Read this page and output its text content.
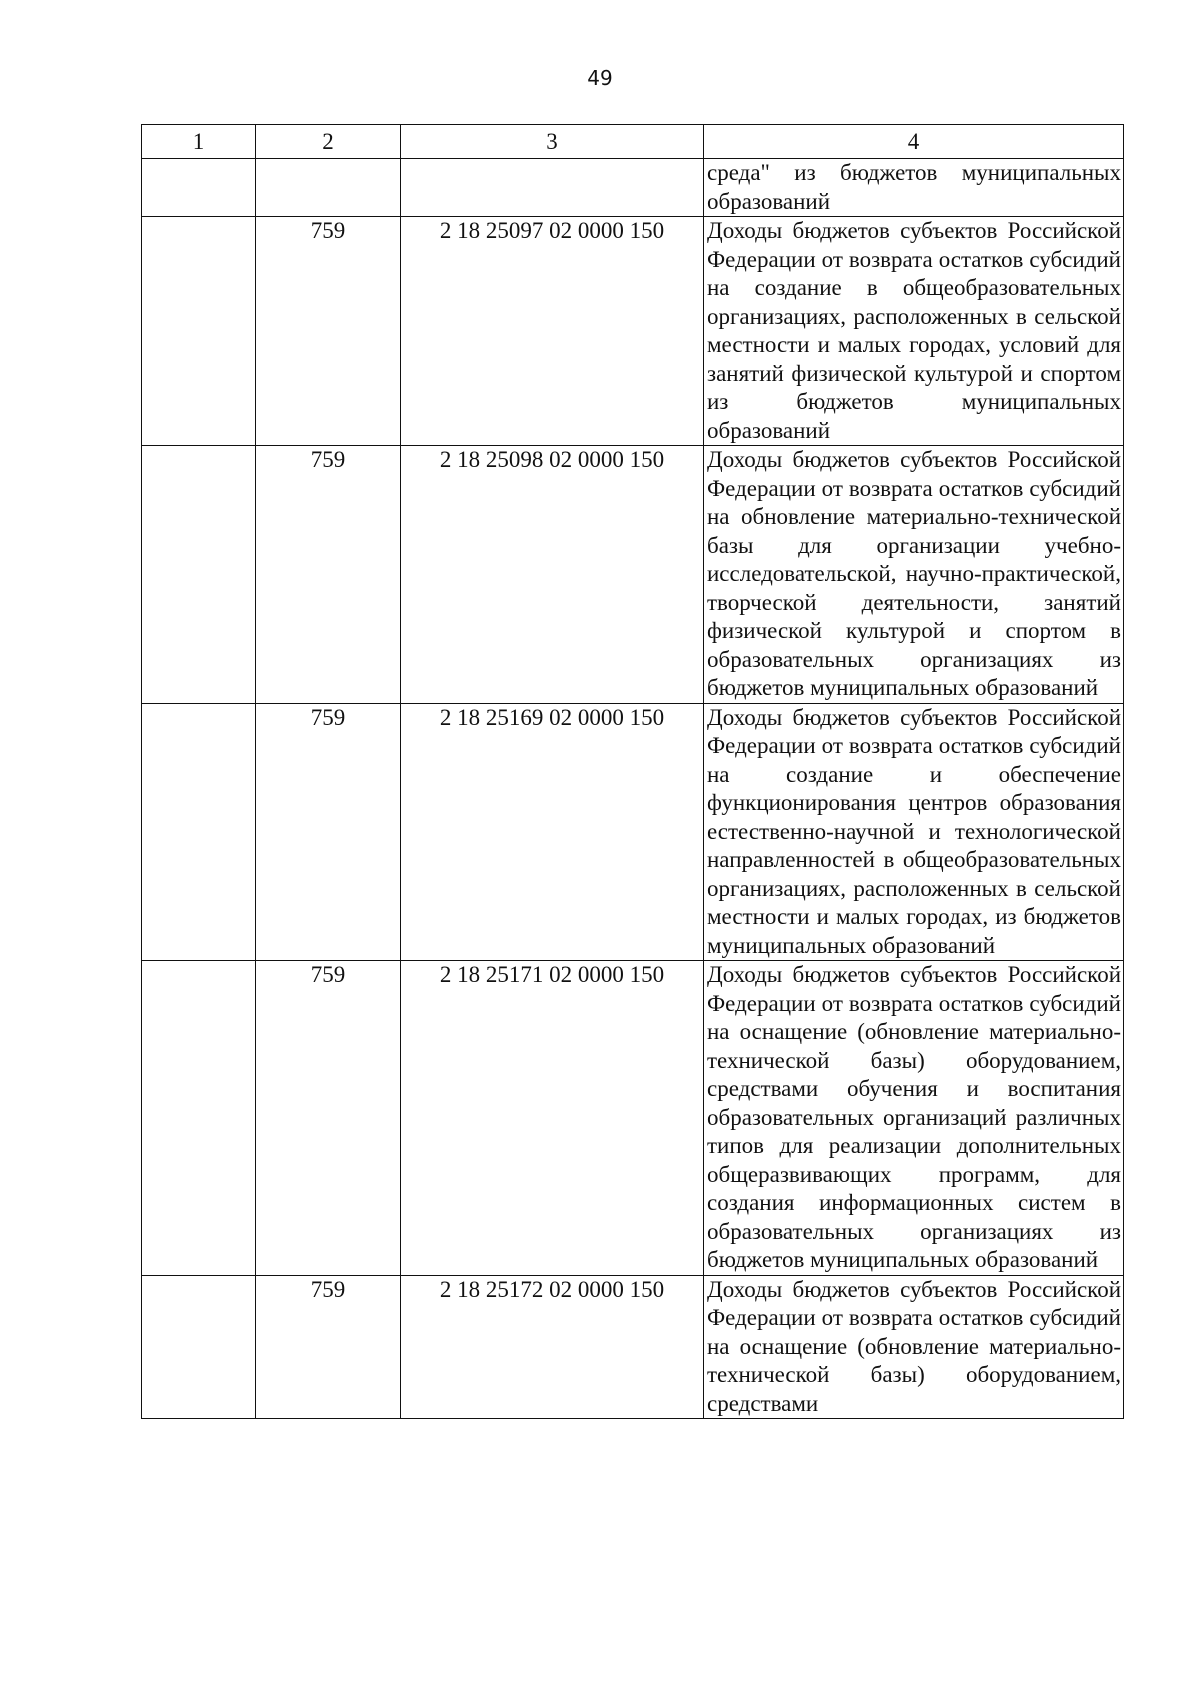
49
1	2	3	4
			среда" из бюджетов муниципальных образований
	759	2 18 25097 02 0000 150	Доходы бюджетов субъектов Российской Федерации от возврата остатков субсидий на создание в общеобразовательных организациях, расположенных в сельской местности и малых городах, условий для занятий физической культурой и спортом из бюджетов муниципальных образований
	759	2 18 25098 02 0000 150	Доходы бюджетов субъектов Российской Федерации от возврата остатков субсидий на обновление материально-технической базы для организации учебно-исследовательской, научно-практической, творческой деятельности, занятий физической культурой и спортом в образовательных организациях из бюджетов муниципальных образований
	759	2 18 25169 02 0000 150	Доходы бюджетов субъектов Российской Федерации от возврата остатков субсидий на создание и обеспечение функционирования центров образования естественно-научной и технологической направленностей в общеобразовательных организациях, расположенных в сельской местности и малых городах, из бюджетов муниципальных образований
	759	2 18 25171 02 0000 150	Доходы бюджетов субъектов Российской Федерации от возврата остатков субсидий на оснащение (обновление материально-технической базы) оборудованием, средствами обучения и воспитания образовательных организаций различных типов для реализации дополнительных общеразвивающих программ, для создания информационных систем в образовательных организациях из бюджетов муниципальных образований
	759	2 18 25172 02 0000 150	Доходы бюджетов субъектов Российской Федерации от возврата остатков субсидий на оснащение (обновление материально-технической базы) оборудованием, средствами
